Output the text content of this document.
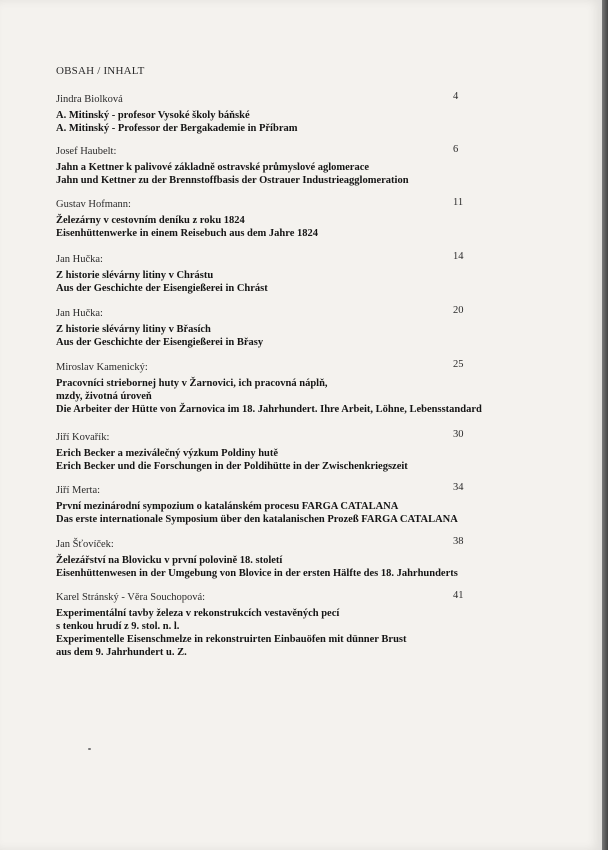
OBSAH / INHALT
Jindra Biolková
A. Mitinský - profesor Vysoké školy báňské
A. Mitinský - Professor der Bergakademie in Příbram
4
Josef Haubelt:
Jahn a Kettner k palivové základně ostravské průmyslové aglomerace
Jahn und Kettner zu der Brennstoffbasis der Ostrauer Industrieagglomeration
6
Gustav Hofmann:
Železárny v cestovním deníku z roku 1824
Eisenhüttenwerke in einem Reisebuch aus dem Jahre 1824
11
Jan Hučka:
Z historie slévárny litiny v Chrástu
Aus der Geschichte der Eisengießerei in Chrást
14
Jan Hučka:
Z historie slévárny litiny v Břasích
Aus der Geschichte der Eisengießerei in Břasy
20
Miroslav Kamenický:
Pracovníci striebornej huty v Žarnovici, ich pracovná náplň,
mzdy, životná úroveň
Die Arbeiter der Hütte von Žarnovica im 18. Jahrhundert. Ihre Arbeit, Löhne, Lebensstandard
25
Jiří Kovařík:
Erich Becker a meziválečný výzkum Poldiny hutě
Erich Becker und die Forschungen in der Poldihütte in der Zwischenkriegszeit
30
Jiří Merta:
První mezinárodní sympozium o katalánském procesu FARGA CATALANA
Das erste internationale Symposium über den katalanischen Prozeß FARGA CATALANA
34
Jan Šťovíček:
Železářství na Blovicku v první polovině 18. století
Eisenhüttenwesen in der Umgebung von Blovice in der ersten Hälfte des 18. Jahrhunderts
38
Karel Stránský - Věra Souchopová:
Experimentální tavby železa v rekonstrukcích vestavěných pecí
s tenkou hrudí z 9. stol. n. l.
Experimentelle Eisenschmelze in rekonstruirten Einbauöfen mit dünner Brust
aus dem 9. Jahrhundert u. Z.
41
